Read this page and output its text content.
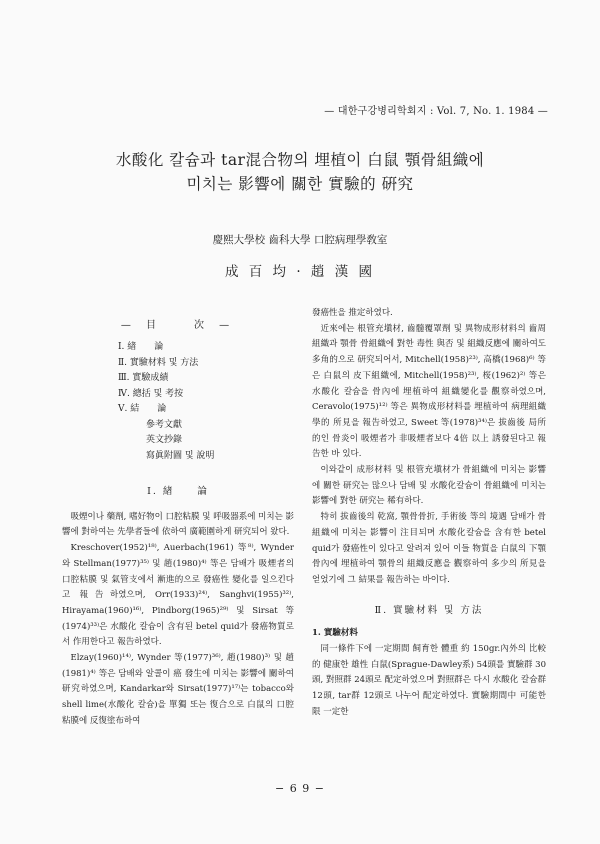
— 대한구강병리학회지 : Vol. 7, No. 1. 1984 —
水酸化 칼슘과 tar混合物의 埋植이 白鼠 顎骨組織에
미치는 影響에 關한 實驗的 硏究
慶熙大學校 齒科大學 口腔病理學敎室
成 百 均 · 趙 漢 國
— 目　　次 —
Ⅰ. 緖　　論
Ⅱ. 實驗材料 및 方法
Ⅲ. 實驗成績
Ⅳ. 總括 및 考按
Ⅴ. 結　　論
參考文獻
英文抄錄
寫眞附圖 및 說明
Ⅰ. 緖　　論

吸煙이나 藥劑, 嗜好物이 口腔粘膜 및 呼吸器系에 미치는 影響에 對하여는 先學者들에 依하여 廣範圍하게 研究되어 왔다.

Kreschover(1952)¹⁸⁾, Auerbach(1961) 等⁸⁾, Wynder와 Stellman(1977)³⁵⁾ 및 趙(1980)⁴⁾ 等은 담배가 吸煙者의 口腔粘膜 및 氣管支에서 漸進的으로 發癌性 變化를 일으킨다고 報告하였으며, Orr(1933)²⁴⁾, Sanghvi(1955)³²⁾, Hirayama(1960)¹⁶⁾, Pindborg(1965)²⁹⁾ 및 Sirsat 等(1974)³³⁾은 水酸化 칼슘이 含有된 betel quid가 發癌物質로서 作用한다고 報告하였다.

Elzay(1960)¹⁴⁾, Wynder 等(1977)³⁶⁾, 趙(1980)³⁾ 및 趙(1981)⁴⁾ 等은 담배와 알콜이 癌 發生에 미치는 影響에 關하여 研究하였으며, Kandarkar와 Sirsat(1977)¹⁷⁾는 tobacco와 shell lime(水酸化 칼슘)을 單獨 또는 復合으로 白鼠의 口腔粘膜에 反復塗布하여

發癌性을 推定하였다.

近來에는 根管充塡材, 齒髓覆罩劑 및 異物成形材料의 齒周組織과 顎骨 骨組織에 對한 毒性 與否 및 組織反應에 關하여도 多角的으로 研究되어서, Mitchell(1958)²³⁾, 高橋(1968)⁶⁾ 等은 白鼠의 皮下組織에, Mitchell(1958)²³⁾, 桜(1962)²⁾ 等은 水酸化 칼슘을 骨內에 埋植하여 組織變化를 觀察하였으며, Ceravolo(1975)¹²⁾ 等은 異物成形材料를 埋植하여 病理組織學的 所見을 報告하였고, Sweet 等(1978)³⁴⁾은 拔齒後 局所的인 骨炎이 吸煙者가 非吸煙者보다 4倍 以上 誘發된다고 報告한 바 있다.

이와같이 成形材料 및 根管充塡材가 骨組織에 미치는 影響에 關한 研究는 많으나 담배 및 水酸化칼슘이 骨組織에 미치는 影響에 對한 研究는 稀有하다.

特히 拔齒後의 乾窩, 顎骨骨折, 手術後 等의 境遇 담배가 骨組織에 미치는 影響이 注目되며 水酸化칼슘을 含有한 betel quid가 發癌性이 있다고 알려져 있어 이들 物質을 白鼠의 下顎骨內에 埋植하여 顎骨의 組織反應을 觀察하여 多少의 所見을 얻었기에 그 結果를 報告하는 바이다.

Ⅱ. 實驗材料 및 方法
1. 實驗材料

同一條件下에 一定期間 飼育한 體重 約 150gr.內外의 比較的 健康한 雄性 白鼠(Sprague-Dawley系) 54頭를 實驗群 30頭, 對照群 24頭로 配定하였으며 對照群은 다시 水酸化 칼슘群 12頭, tar群 12頭로 나누어 配定하였다. 實驗期間中 可能한 限 一定한

− 6 9 −
